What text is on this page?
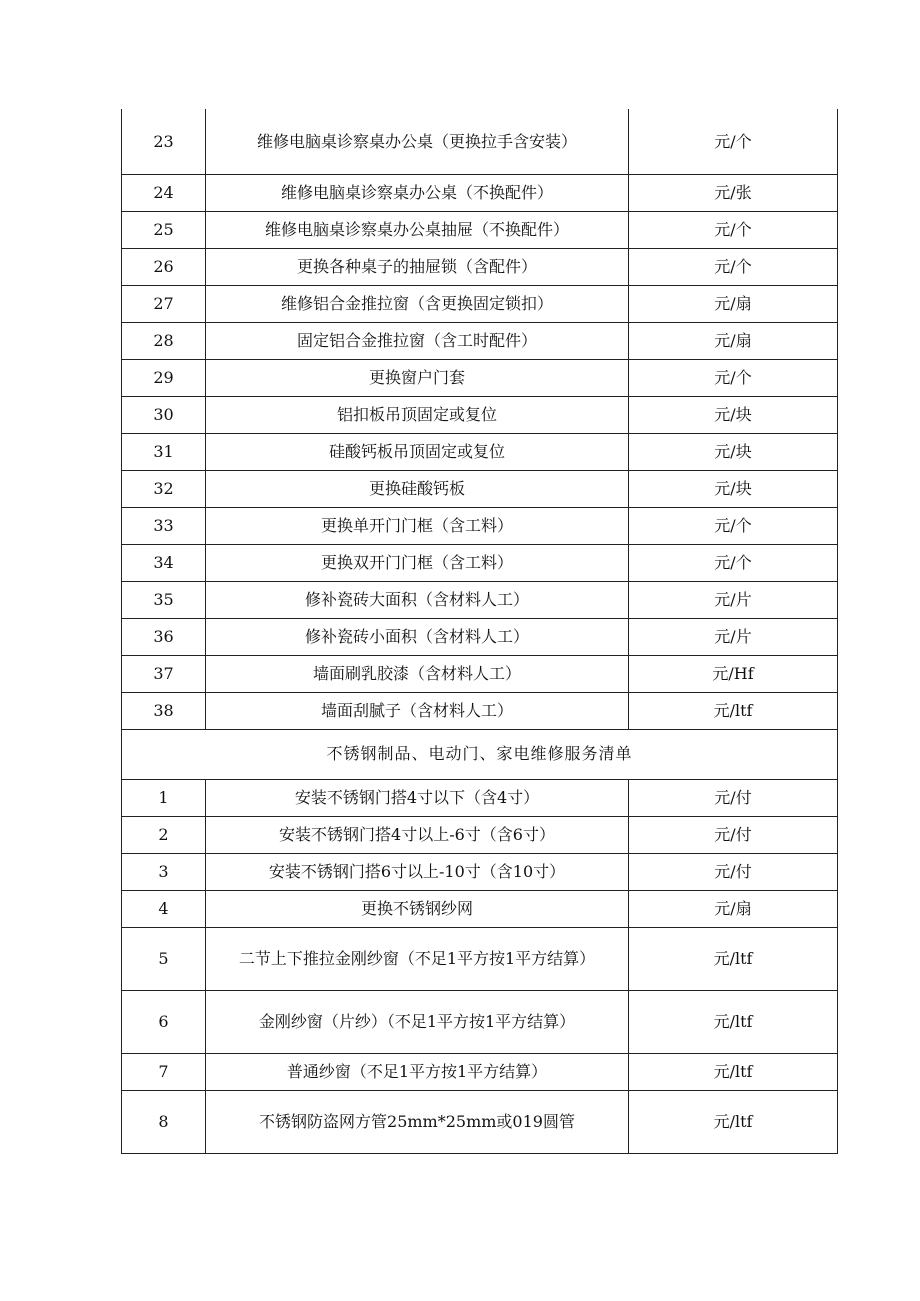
23	维修电脑桌诊察桌办公桌（更换拉手含安装）	元/个
24	维修电脑桌诊察桌办公桌（不换配件）	元/张
25	维修电脑桌诊察桌办公桌抽屉（不换配件）	元/个
26	更换各种桌子的抽屉锁（含配件）	元/个
27	维修铝合金推拉窗（含更换固定锁扣）	元/扇
28	固定铝合金推拉窗（含工时配件）	元/扇
29	更换窗户门套	元/个
30	铝扣板吊顶固定或复位	元/块
31	硅酸钙板吊顶固定或复位	元/块
32	更换硅酸钙板	元/块
33	更换单开门门框（含工料）	元/个
34	更换双开门门框（含工料）	元/个
35	修补瓷砖大面积（含材料人工）	元/片
36	修补瓷砖小面积（含材料人工）	元/片
37	墙面刷乳胶漆（含材料人工）	元/Hf
38	墙面刮腻子（含材料人工）	元/ltf
不锈钢制品、电动门、家电维修服务清单		
1	安装不锈钢门搭4寸以下（含4寸）	元/付
2	安装不锈钢门搭4寸以上-6寸（含6寸）	元/付
3	安装不锈钢门搭6寸以上-10寸（含10寸）	元/付
4	更换不锈钢纱网	元/扇
5	二节上下推拉金刚纱窗（不足1平方按1平方结算）	元/ltf
6	金刚纱窗（片纱）（不足1平方按1平方结算）	元/ltf
7	普通纱窗（不足1平方按1平方结算）	元/ltf
8	不锈钢防盗网方管25mm*25mm或019圆管	元/ltf
